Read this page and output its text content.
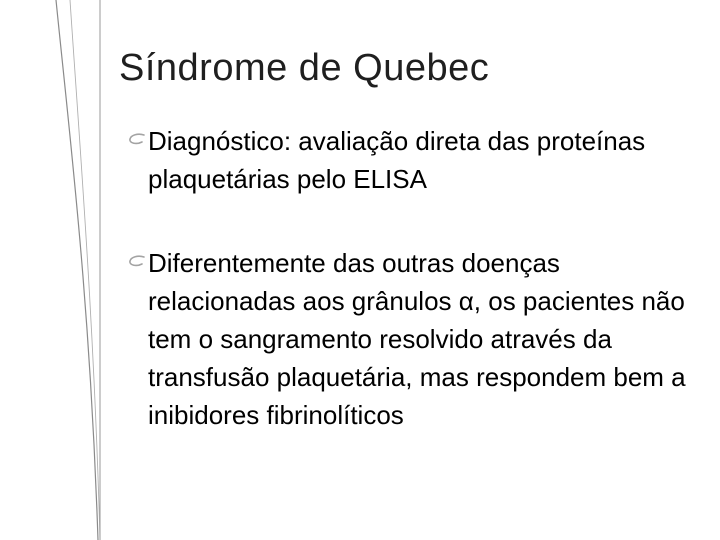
Síndrome de Quebec
Diagnóstico: avaliação direta das proteínas plaquetárias pelo ELISA
Diferentemente das outras doenças relacionadas aos grânulos α, os pacientes não tem o sangramento resolvido através da transfusão plaquetária, mas respondem bem a inibidores fibrinolíticos
